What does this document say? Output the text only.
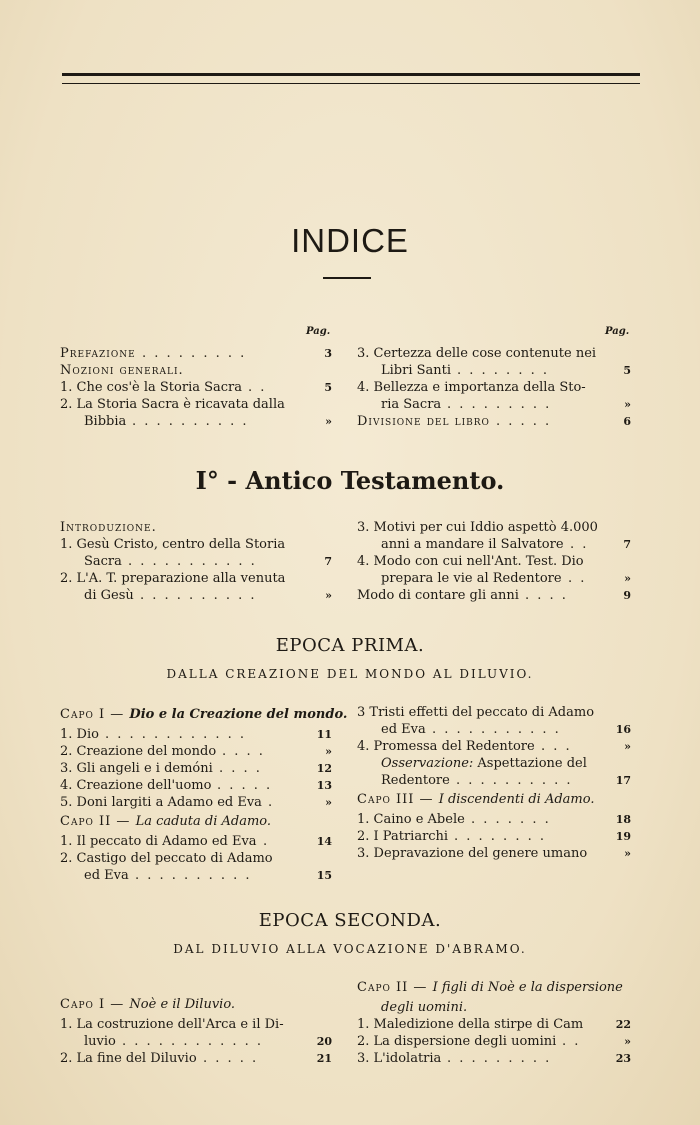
INDICE
Pag.	Pag.
Prefazione . . . . . . . . .	3
Nozioni generali.
1. Che cos'è la Storia Sacra . .	5
2. La Storia Sacra è ricavata dalla
Bibbia . . . . . . . . . .	»
3. Certezza delle cose contenute nei
Libri Santi . . . . . . . .	5
4. Bellezza e importanza della Sto-
ria Sacra . . . . . . . . .	»
Divisione del libro . . . . .	6
I° - Antico Testamento.
Introduzione.
1. Gesù Cristo, centro della Storia
Sacra . . . . . . . . . . .	7
2. L'A. T. preparazione alla venuta
di Gesù . . . . . . . . . .	»
3. Motivi per cui Iddio aspettò 4.000
anni a mandare il Salvatore . .	7
4. Modo con cui nell'Ant. Test. Dio
prepara le vie al Redentore . .	»
Modo di contare gli anni . . . .	9
EPOCA PRIMA.
DALLA CREAZIONE DEL MONDO AL DILUVIO.
Capo I — Dio e la Creazione del mondo.
1. Dio . . . . . . . . . . . .	11
2. Creazione del mondo . . . .	»
3. Gli angeli e i demóni . . . .	12
4. Creazione dell'uomo . . . . .	13
5. Doni largiti a Adamo ed Eva .	»
Capo II — La caduta di Adamo.
1. Il peccato di Adamo ed Eva .	14
2. Castigo del peccato di Adamo
ed Eva . . . . . . . . . .	15
3 Tristi effetti del peccato di Adamo
ed Eva . . . . . . . . . . .	16
4. Promessa del Redentore . . .	»
Osservazione: Aspettazione del
Redentore . . . . . . . . . .	17
Capo III — I discendenti di Adamo.
1. Caino e Abele . . . . . . .	18
2. I Patriarchi . . . . . . . .	19
3. Depravazione del genere umano	»
EPOCA SECONDA.
DAL DILUVIO ALLA VOCAZIONE D'ABRAMO.
Capo I — Noè e il Diluvio.
1. La costruzione dell'Arca e il Di-
luvio . . . . . . . . . . . .	20
2. La fine del Diluvio . . . . .	21
Capo II — I figli di Noè e la dispersione
degli uomini.
1. Maledizione della stirpe di Cam	22
2. La dispersione degli uomini . .	»
3. L'idolatria . . . . . . . . .	23
